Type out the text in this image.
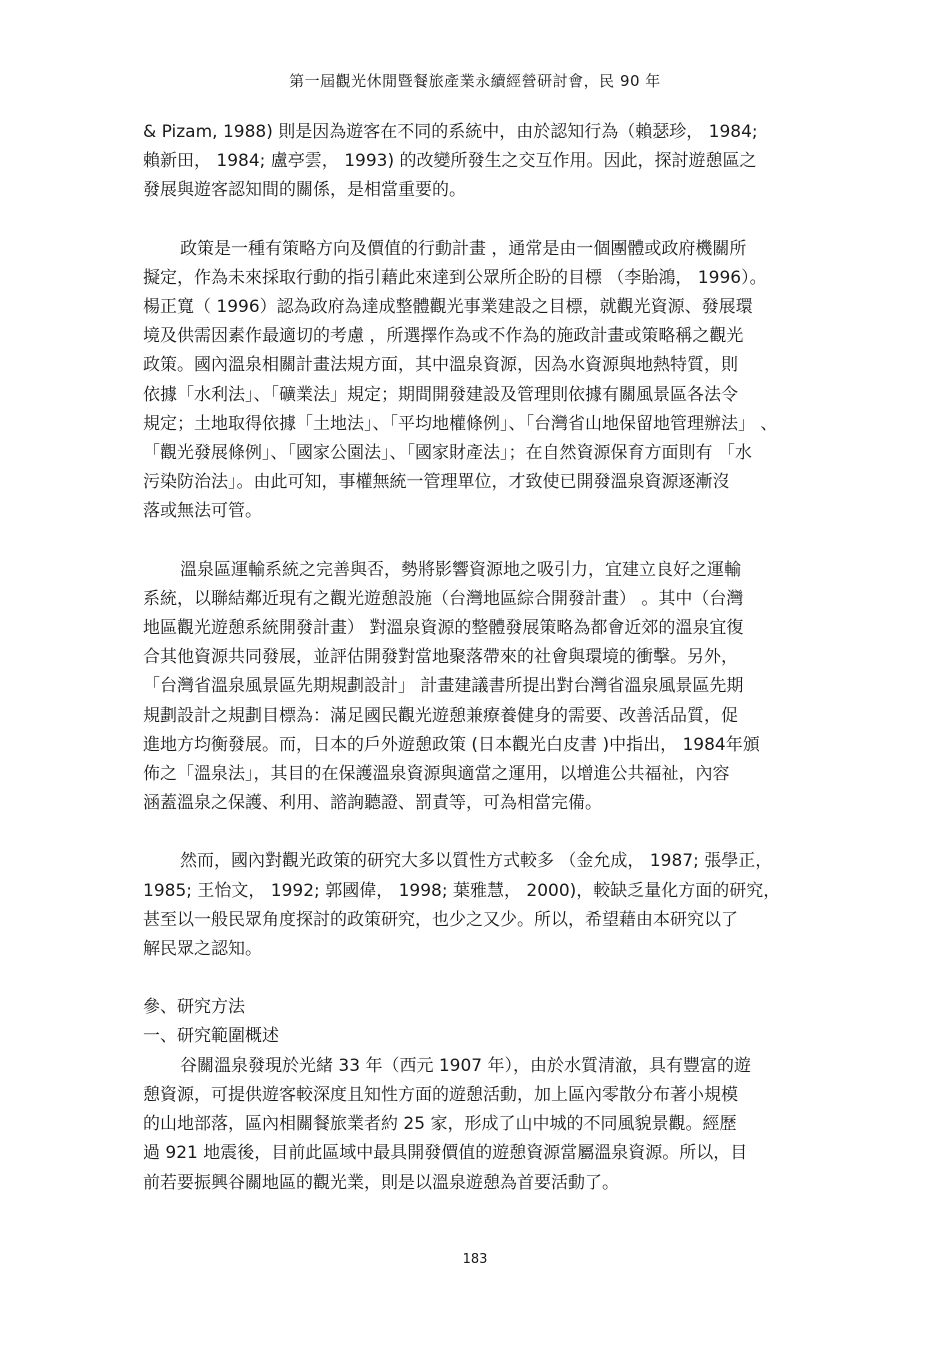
第一屆觀光休閒暨餐旅產業永續經營研討會，民 90 年
& Pizam, 1988) 則是因為遊客在不同的系統中，由於認知行為（賴瑟珍， 1984;
賴新田， 1984; 盧亭雲， 1993) 的改變所發生之交互作用。因此，探討遊憩區之
發展與遊客認知間的關係，是相當重要的。
政策是一種有策略方向及價值的行動計畫 ，通常是由一個團體或政府機關所
擬定，作為未來採取行動的指引藉此來達到公眾所企盼的目標 （李貽鴻， 1996）。
楊正寬（ 1996）認為政府為達成整體觀光事業建設之目標，就觀光資源、發展環
境及供需因素作最適切的考慮 ，所選擇作為或不作為的施政計畫或策略稱之觀光
政策。國內溫泉相關計畫法規方面，其中溫泉資源，因為水資源與地熱特質，則
依據「水利法」、「礦業法」規定；期間開發建設及管理則依據有關風景區各法令
規定；土地取得依據「土地法」、「平均地權條例」、「台灣省山地保留地管理辦法」 、
「觀光發展條例」、「國家公園法」、「國家財產法」；在自然資源保育方面則有 「水
污染防治法」。由此可知，事權無統一管理單位，才致使已開發溫泉資源逐漸沒
落或無法可管。
溫泉區運輸系統之完善與否，勢將影響資源地之吸引力，宜建立良好之運輸
系統，以聯結鄰近現有之觀光遊憩設施（台灣地區綜合開發計畫） 。其中（台灣
地區觀光遊憩系統開發計畫） 對溫泉資源的整體發展策略為都會近郊的溫泉宜復
合其他資源共同發展，並評估開發對當地聚落帶來的社會與環境的衝擊。另外，
「台灣省溫泉風景區先期規劃設計」 計畫建議書所提出對台灣省溫泉風景區先期
規劃設計之規劃目標為：滿足國民觀光遊憩兼療養健身的需要、改善活品質，促
進地方均衡發展。而，日本的戶外遊憩政策 (日本觀光白皮書 )中指出， 1984年頒
佈之「溫泉法」，其目的在保護溫泉資源與適當之運用，以增進公共福祉，內容
涵蓋溫泉之保護、利用、諮詢聽證、罰責等，可為相當完備。
然而，國內對觀光政策的研究大多以質性方式較多 （金允成， 1987; 張學正，
1985; 王怡文， 1992; 郭國偉， 1998; 葉雅慧， 2000)，較缺乏量化方面的研究，
甚至以一般民眾角度探討的政策研究，也少之又少。所以，希望藉由本研究以了
解民眾之認知。
參、研究方法
一、研究範圍概述
谷關溫泉發現於光緒 33 年（西元 1907 年），由於水質清澈，具有豐富的遊
憩資源，可提供遊客較深度且知性方面的遊憩活動，加上區內零散分布著小規模
的山地部落，區內相關餐旅業者約 25 家，形成了山中城的不同風貌景觀。經歷
過 921 地震後，目前此區域中最具開發價值的遊憩資源當屬溫泉資源。所以，目
前若要振興谷關地區的觀光業，則是以溫泉遊憩為首要活動了。
183
